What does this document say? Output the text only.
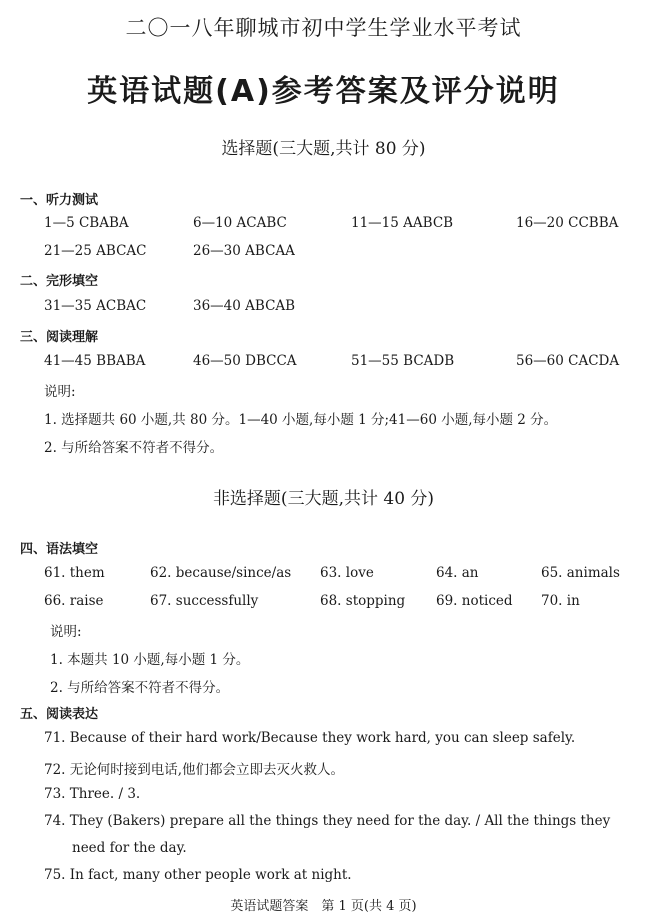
二〇一八年聊城市初中学生学业水平考试
英语试题(A)参考答案及评分说明
选择题(三大题,共计 80 分)
一、听力测试
1—5 CBABA	6—10 ACABC	11—15 AABCB	16—20 CCBBA
21—25 ABCAC	26—30 ABCAA
二、完形填空
31—35 ACBAC	36—40 ABCAB
三、阅读理解
41—45 BBABA	46—50 DBCCA	51—55 BCADB	56—60 CACDA
说明:
1. 选择题共 60 小题,共 80 分。1—40 小题,每小题 1 分;41—60 小题,每小题 2 分。
2. 与所给答案不符者不得分。
非选择题(三大题,共计 40 分)
四、语法填空
61. them	62. because/since/as 63. love	64. an	65. animals
66. raise	67. successfully	68. stopping 69. noticed 70. in
说明:
1. 本题共 10 小题,每小题 1 分。
2. 与所给答案不符者不得分。
五、阅读表达
71. Because of their hard work/Because they work hard, you can sleep safely.
72. 无论何时接到电话,他们都会立即去灭火救人。
73. Three. / 3.
74. They (Bakers) prepare all the things they need for the day. / All the things they
need for the day.
75. In fact, many other people work at night.
英语试题答案　第 1 页(共 4 页)
